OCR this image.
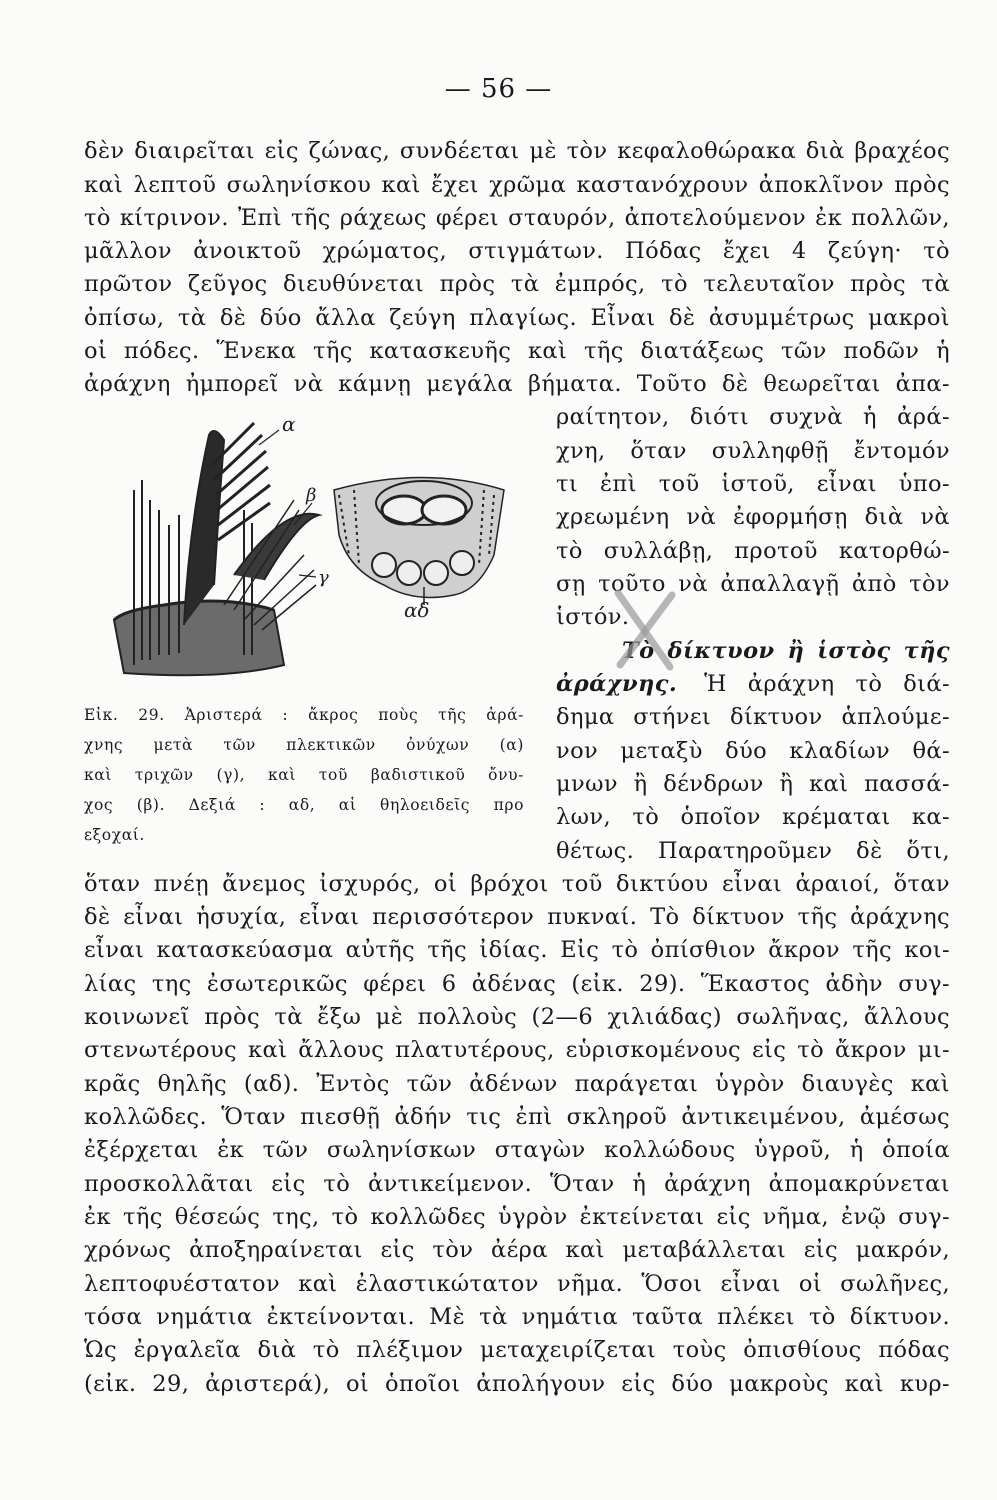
— 56 —
δὲν διαιρεῖται εἰς ζώνας, συνδέεται μὲ τὸν κεφαλοθώρακα διὰ βραχέος
καὶ λεπτοῦ σωληνίσκου καὶ ἔχει χρῶμα καστανόχρουν ἀποκλῖνον πρὸς
τὸ κίτρινον. Ἐπὶ τῆς ράχεως φέρει σταυρόν, ἀποτελούμενον ἐκ πολλῶν,
μᾶλλον ἀνοικτοῦ χρώματος, στιγμάτων. Πόδας ἔχει 4 ζεύγη· τὸ
πρῶτον ζεῦγος διευθύνεται πρὸς τὰ ἐμπρός, τὸ τελευταῖον πρὸς τὰ
ὀπίσω, τὰ δὲ δύο ἄλλα ζεύγη πλαγίως. Εἶναι δὲ ἀσυμμέτρως μακροὶ
οἱ πόδες. Ἕνεκα τῆς κατασκευῆς καὶ τῆς διατάξεως τῶν ποδῶν ἡ
ἀράχνη ἠμπορεῖ νὰ κάμνῃ μεγάλα βήματα. Τοῦτο δὲ θεωρεῖται ἀπα-
ραίτητον, διότι συχνὰ ἡ ἀρά-
χνη, ὅταν συλληφθῇ ἔντομόν
τι ἐπὶ τοῦ ἱστοῦ, εἶναι ὑπο-
χρεωμένη νὰ ἐφορμήσῃ διὰ νὰ
τὸ συλλάβῃ, προτοῦ κατορθώ-
σῃ τοῦτο νὰ ἀπαλλαγῇ ἀπὸ τὸν
ἱστόν.
Τὸ δίκτυον ἢ ἱστὸς τῆς
ἀράχνης. Ἡ ἀράχνη τὸ διά-
δημα στήνει δίκτυον ἁπλούμε-
νον μεταξὺ δύο κλαδίων θά-
μνων ἢ δένδρων ἢ καὶ πασσά-
λων, τὸ ὁποῖον κρέμαται κα-
θέτως. Παρατηροῦμεν δὲ ὅτι,
α
β
γ
αδ
Εἰκ. 29. Ἀριστερά : ἄκρος ποὺς τῆς ἀρά-
χνης μετὰ τῶν πλεκτικῶν ὀνύχων (α)
καὶ τριχῶν (γ), καὶ τοῦ βαδιστικοῦ ὄνυ-
χος (β). Δεξιά : αδ, αἱ θηλοειδεῖς προ
εξοχαί.
ὅταν πνέῃ ἄνεμος ἰσχυρός, οἱ βρόχοι τοῦ δικτύου εἶναι ἀραιοί, ὅταν
δὲ εἶναι ἡσυχία, εἶναι περισσότερον πυκναί. Τὸ δίκτυον τῆς ἀράχνης
εἶναι κατασκεύασμα αὐτῆς τῆς ἰδίας. Εἰς τὸ ὀπίσθιον ἄκρον τῆς κοι-
λίας της ἐσωτερικῶς φέρει 6 ἀδένας (εἰκ. 29). Ἕκαστος ἀδὴν συγ-
κοινωνεῖ πρὸς τὰ ἔξω μὲ πολλοὺς (2—6 χιλιάδας) σωλῆνας, ἄλλους
στενωτέρους καὶ ἄλλους πλατυτέρους, εὑρισκομένους εἰς τὸ ἄκρον μι-
κρᾶς θηλῆς (αδ). Ἐντὸς τῶν ἀδένων παράγεται ὑγρὸν διαυγὲς καὶ
κολλῶδες. Ὅταν πιεσθῇ ἀδήν τις ἐπὶ σκληροῦ ἀντικειμένου, ἀμέσως
ἐξέρχεται ἐκ τῶν σωληνίσκων σταγὼν κολλώδους ὑγροῦ, ἡ ὁποία
προσκολλᾶται εἰς τὸ ἀντικείμενον. Ὅταν ἡ ἀράχνη ἀπομακρύνεται
ἐκ τῆς θέσεώς της, τὸ κολλῶδες ὑγρὸν ἐκτείνεται εἰς νῆμα, ἐνῷ συγ-
χρόνως ἀποξηραίνεται εἰς τὸν ἀέρα καὶ μεταβάλλεται εἰς μακρόν,
λεπτοφυέστατον καὶ ἐλαστικώτατον νῆμα. Ὅσοι εἶναι οἱ σωλῆνες,
τόσα νημάτια ἐκτείνονται. Μὲ τὰ νημάτια ταῦτα πλέκει τὸ δίκτυον.
Ὡς ἐργαλεῖα διὰ τὸ πλέξιμον μεταχειρίζεται τοὺς ὀπισθίους πόδας
(εἰκ. 29, ἀριστερά), οἱ ὁποῖοι ἀπολήγουν εἰς δύο μακροὺς καὶ κυρ-
